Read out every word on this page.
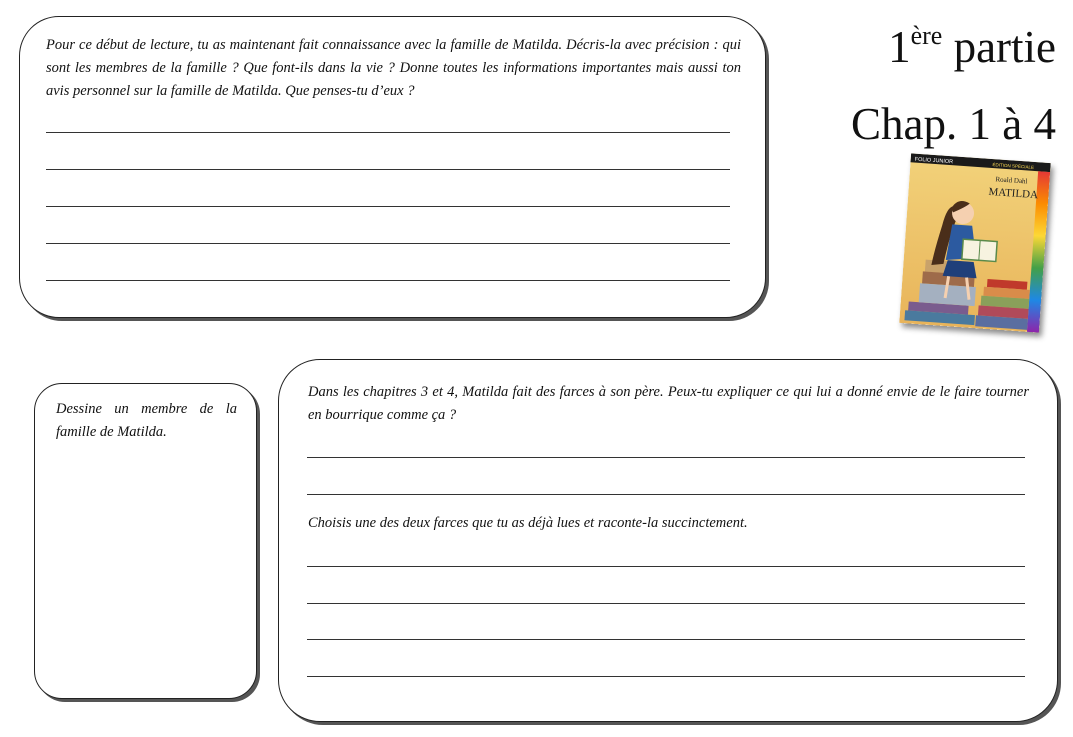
Pour ce début de lecture, tu as maintenant fait connaissance avec la famille de Matilda. Décris-la avec précision : qui sont les membres de la famille ? Que font-ils dans la vie ? Donne toutes les informations importantes mais aussi ton avis personnel sur la famille de Matilda. Que penses-tu d’eux ?
1ère partie
Chap. 1 à 4
FOLIO JUNIOR
ÉDITION SPÉCIALE
Roald Dahl
MATILDA
Dessine un membre de la famille de Matilda.
Dans les chapitres 3 et 4, Matilda fait des farces à son père. Peux-tu expliquer ce qui lui a donné envie de le faire tourner en bourrique comme ça ?
Choisis une des deux farces que tu as déjà lues et raconte-la succinctement.
